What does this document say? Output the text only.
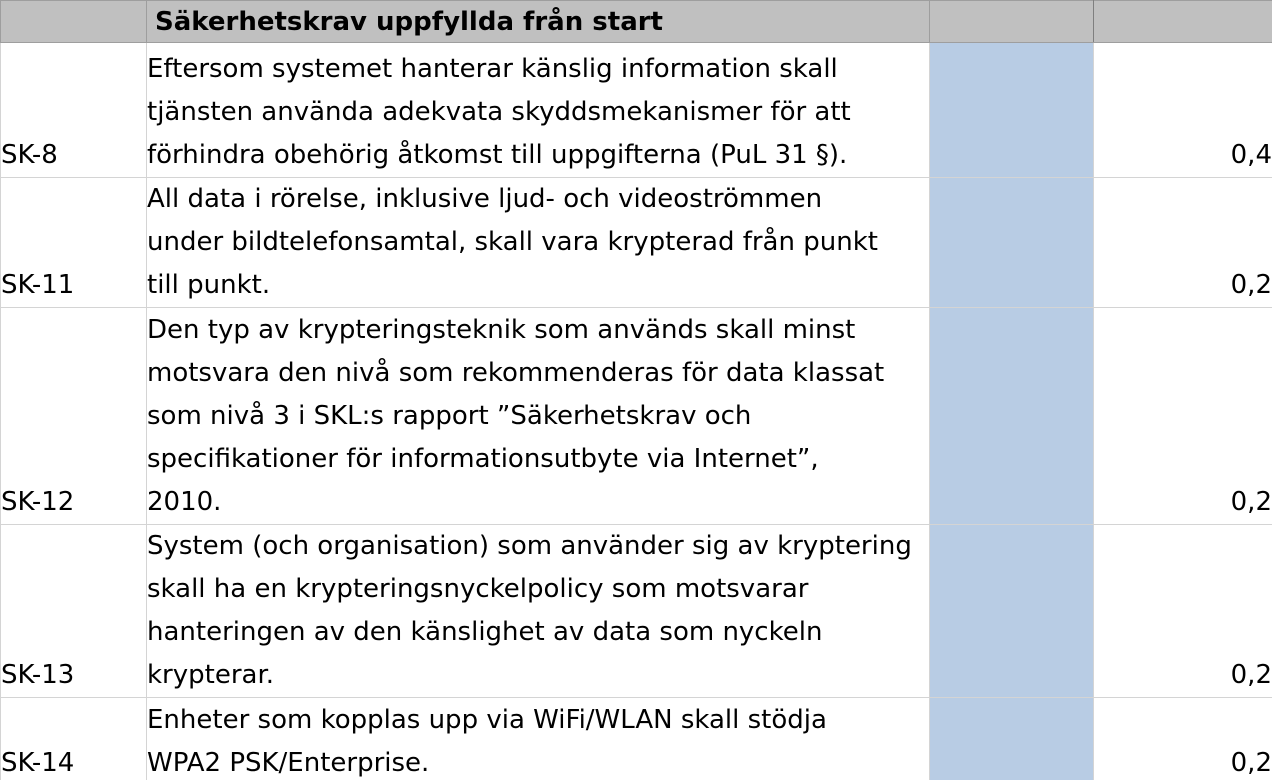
	Säkerhetskrav uppfyllda från start		
SK-8	Eftersom systemet hanterar känslig information skall
tjänsten använda adekvata skyddsmekanismer för att
förhindra obehörig åtkomst till uppgifterna (PuL 31 §).		0,4
SK-11	All data i rörelse, inklusive ljud- och videoströmmen
under bildtelefonsamtal, skall vara krypterad från punkt
till punkt.		0,2
SK-12	Den typ av krypteringsteknik som används skall minst
motsvara den nivå som rekommenderas för data klassat
som nivå 3 i SKL:s rapport ”Säkerhetskrav och
specifikationer för informationsutbyte via Internet”,
2010.		0,2
SK-13	System (och organisation) som använder sig av kryptering
skall ha en krypteringsnyckelpolicy som motsvarar
hanteringen av den känslighet av data som nyckeln
krypterar.		0,2
SK-14	Enheter som kopplas upp via WiFi/WLAN skall stödja
WPA2 PSK/Enterprise.		0,2
